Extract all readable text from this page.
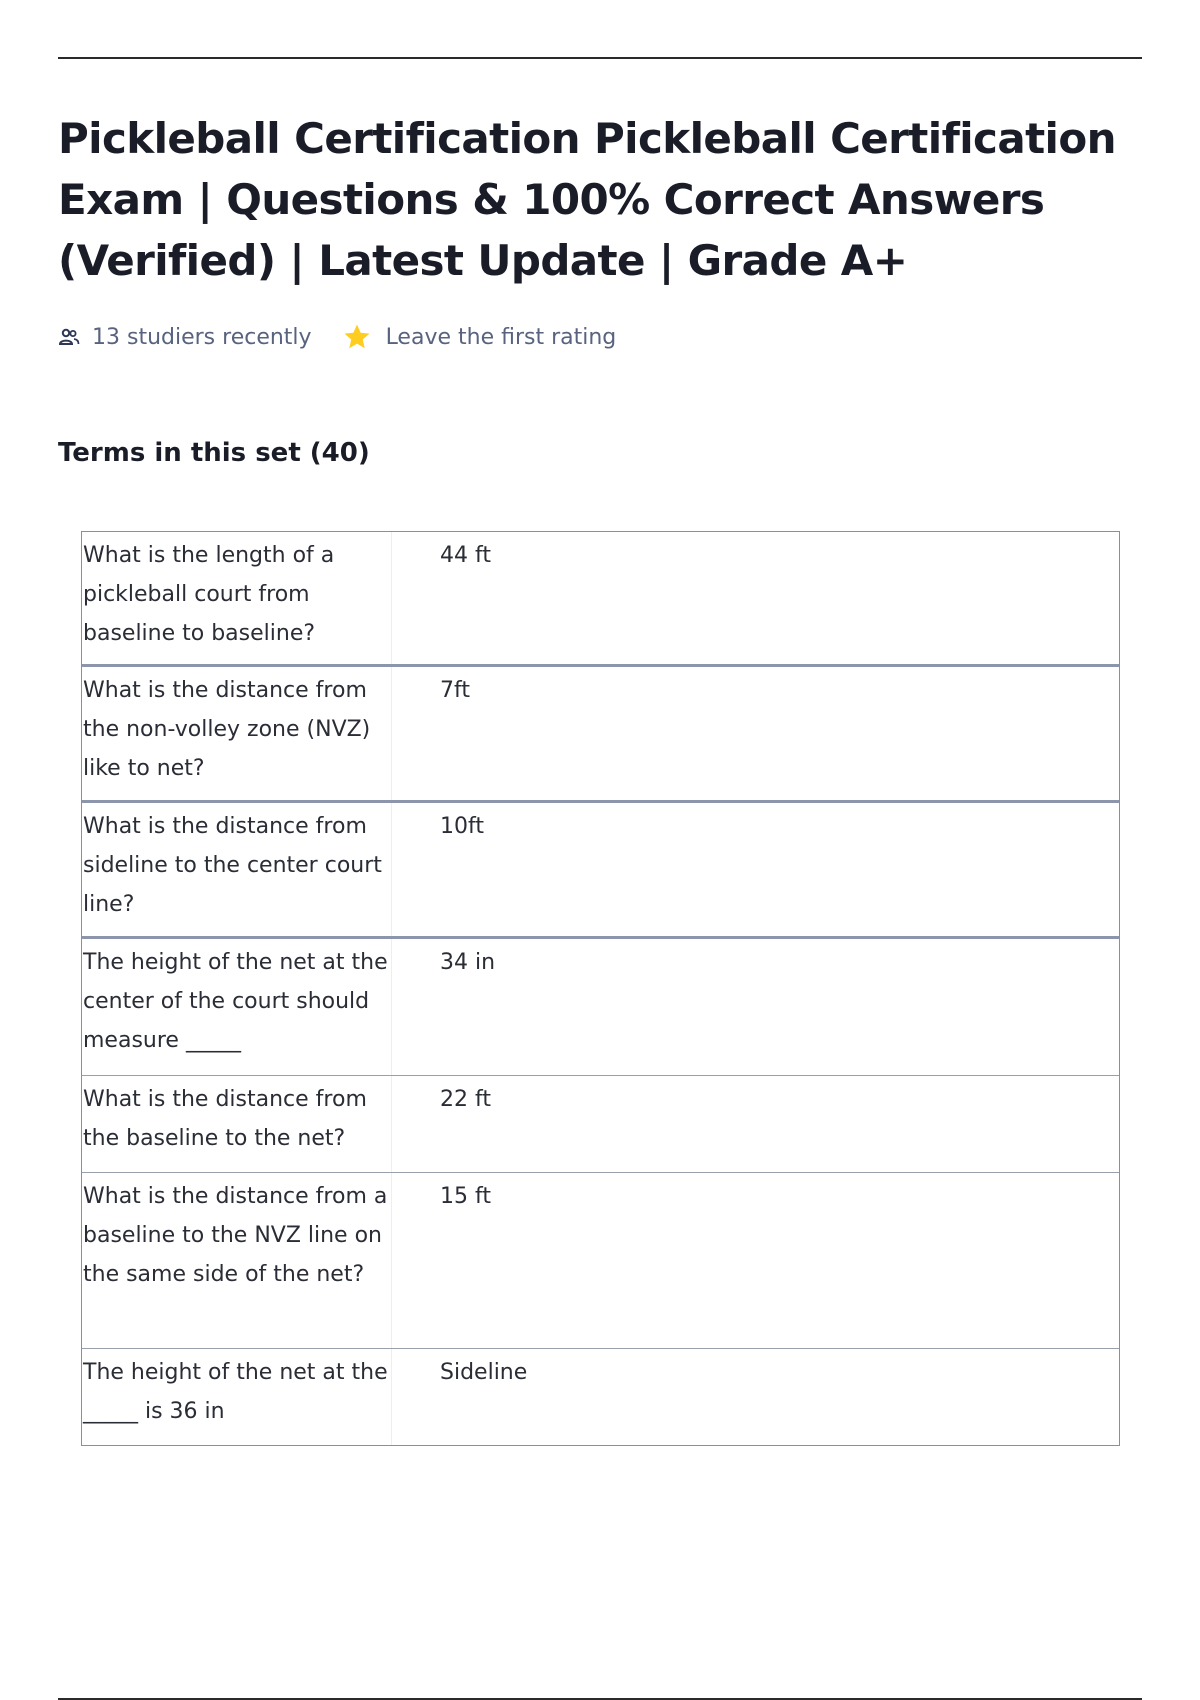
Pickleball Certification Pickleball Certification Exam | Questions & 100% Correct Answers (Verified) | Latest Update | Grade A+
13 studiers recently	Leave the first rating
Terms in this set (40)
What is the length of a pickleball court from baseline to baseline?
44 ft
What is the distance from the non-volley zone (NVZ) like to net?
7ft
What is the distance from sideline to the center court line?
10ft
The height of the net at the center of the court should measure _____
34 in
What is the distance from the baseline to the net?
22 ft
What is the distance from a baseline to the NVZ line on the same side of the net?
15 ft
The height of the net at the _____ is 36 in
Sideline
